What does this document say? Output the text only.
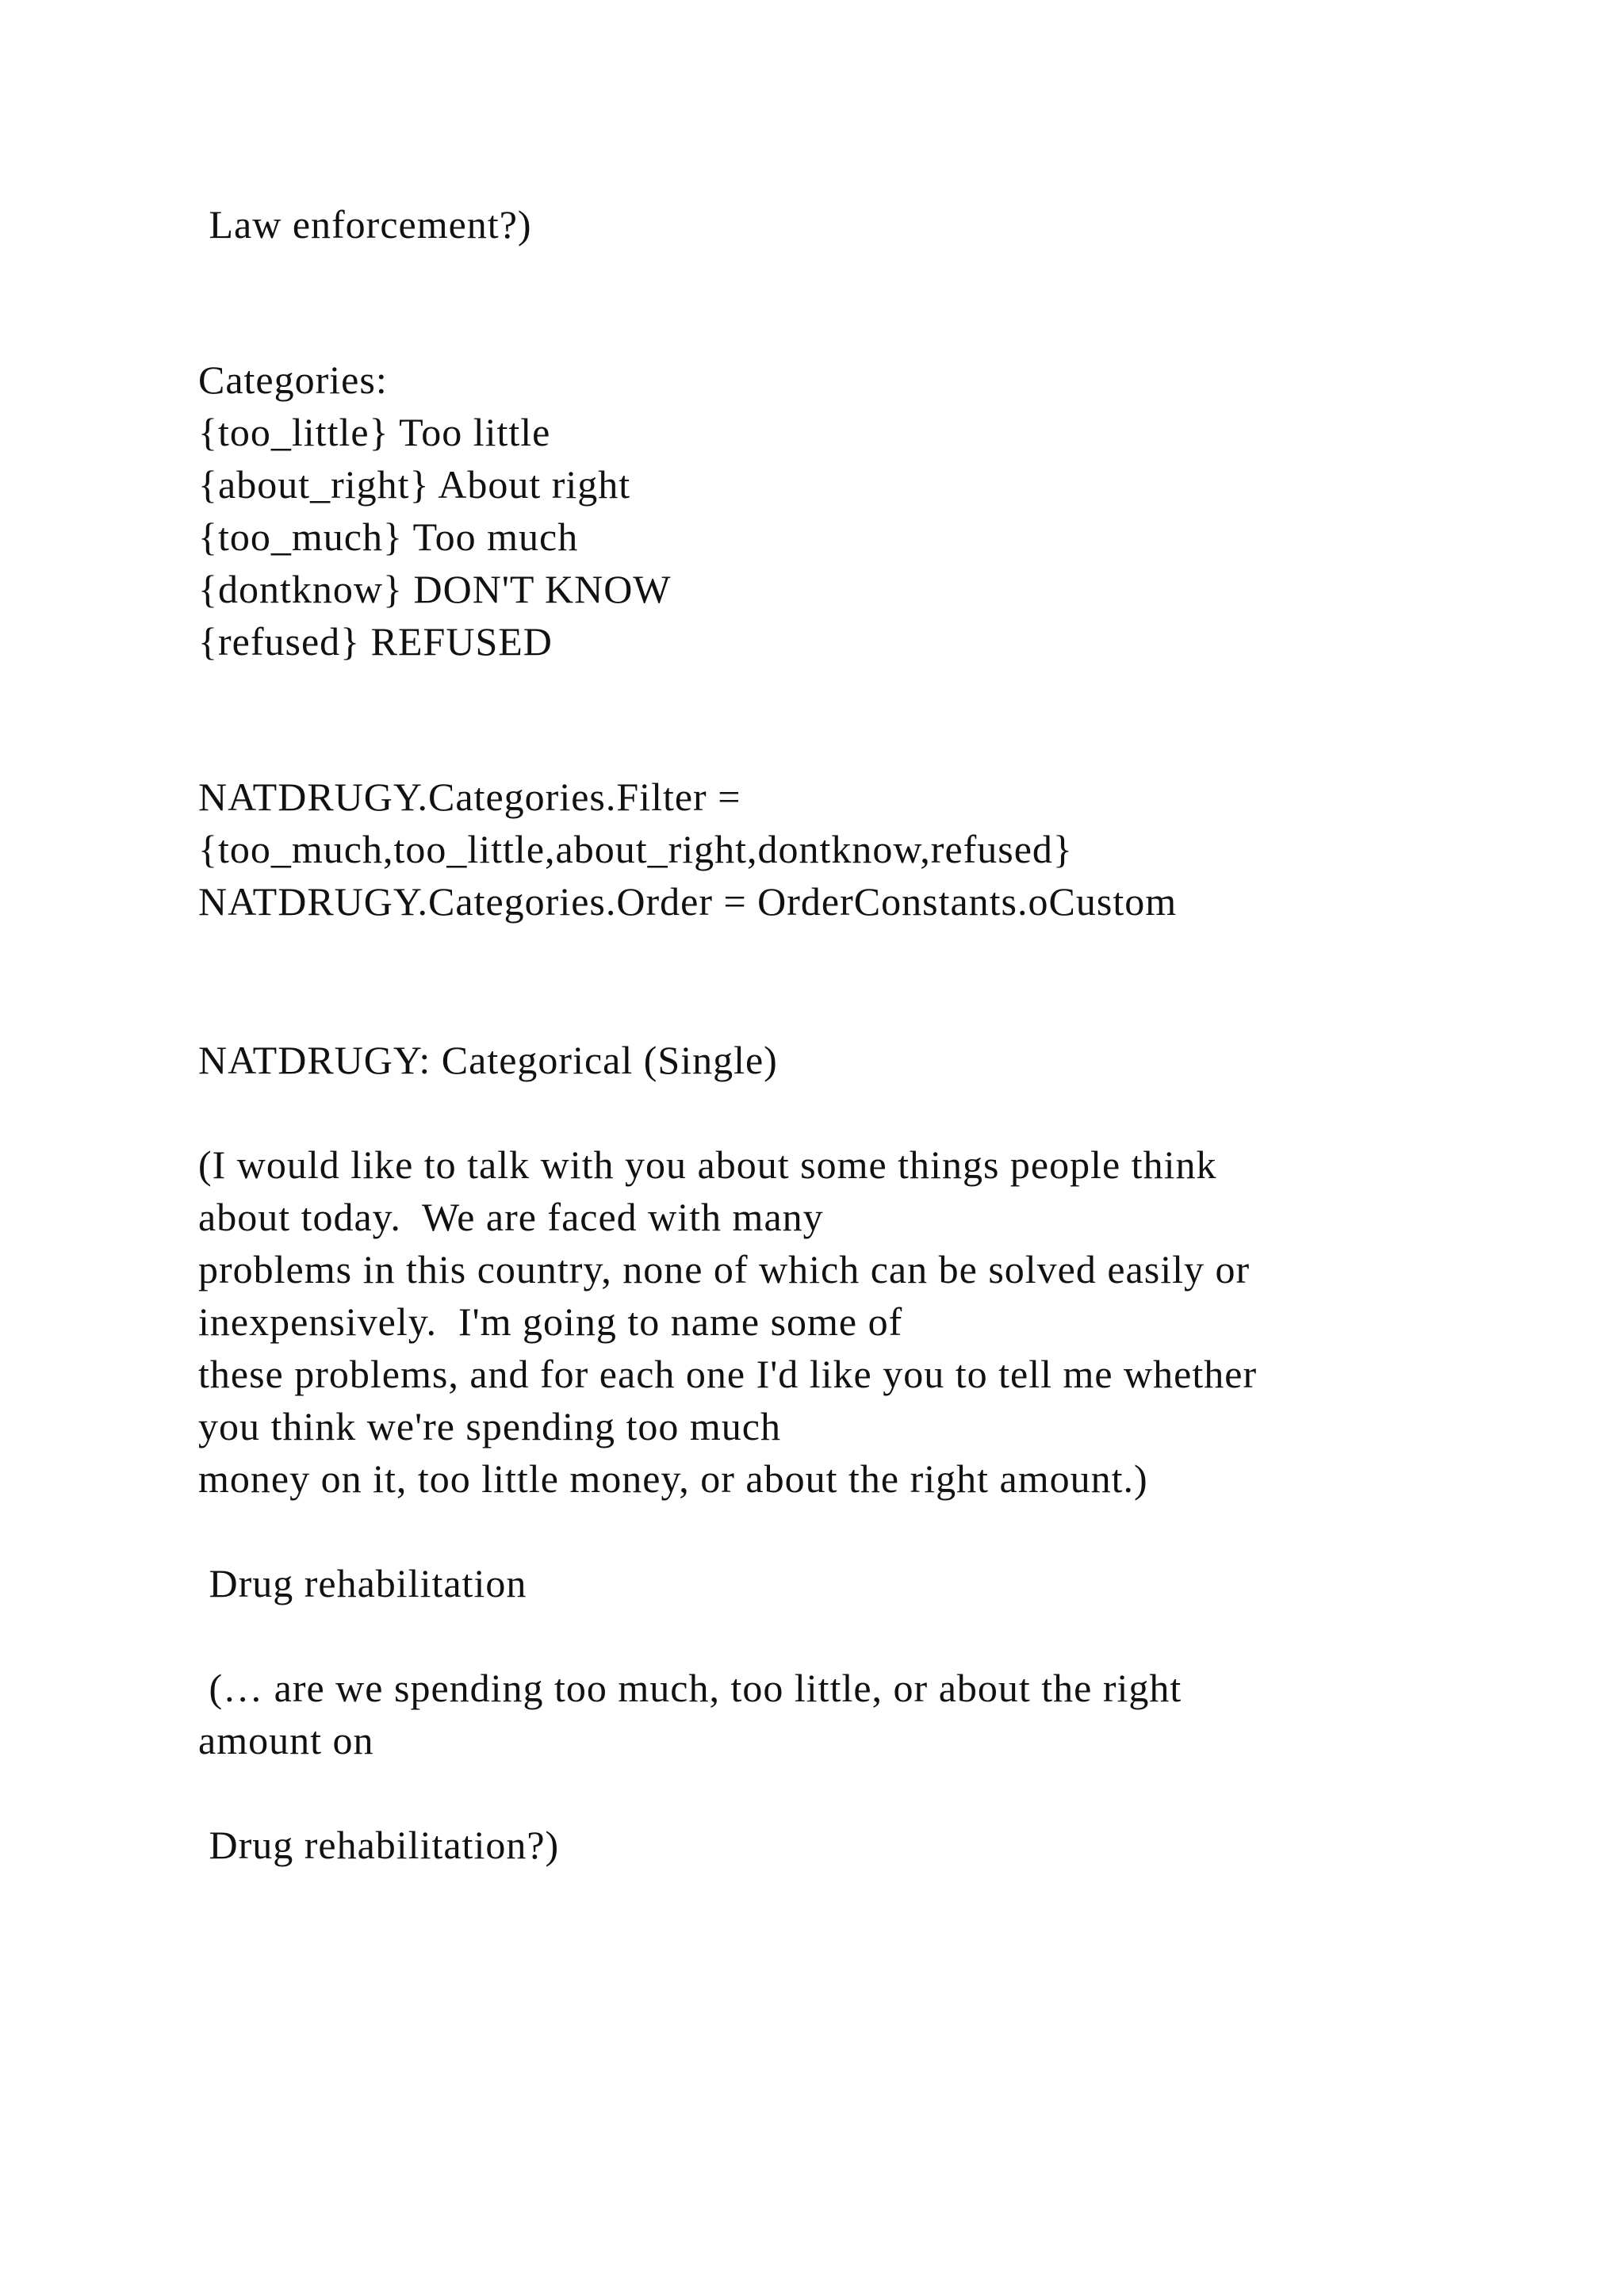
Law enforcement?)

Categories:

{too_little} Too little

{about_right} About right

{too_much} Too much

{dontknow} DON'T KNOW

{refused} REFUSED

NATDRUGY.Categories.Filter =

{too_much,too_little,about_right,dontknow,refused}

NATDRUGY.Categories.Order = OrderConstants.oCustom

NATDRUGY: Categorical (Single)

(I would like to talk with you about some things people think

about today.  We are faced with many

problems in this country, none of which can be solved easily or

inexpensively.  I'm going to name some of

these problems, and for each one I'd like you to tell me whether

you think we're spending too much

money on it, too little money, or about the right amount.)

Drug rehabilitation

(… are we spending too much, too little, or about the right

amount on

Drug rehabilitation?)
